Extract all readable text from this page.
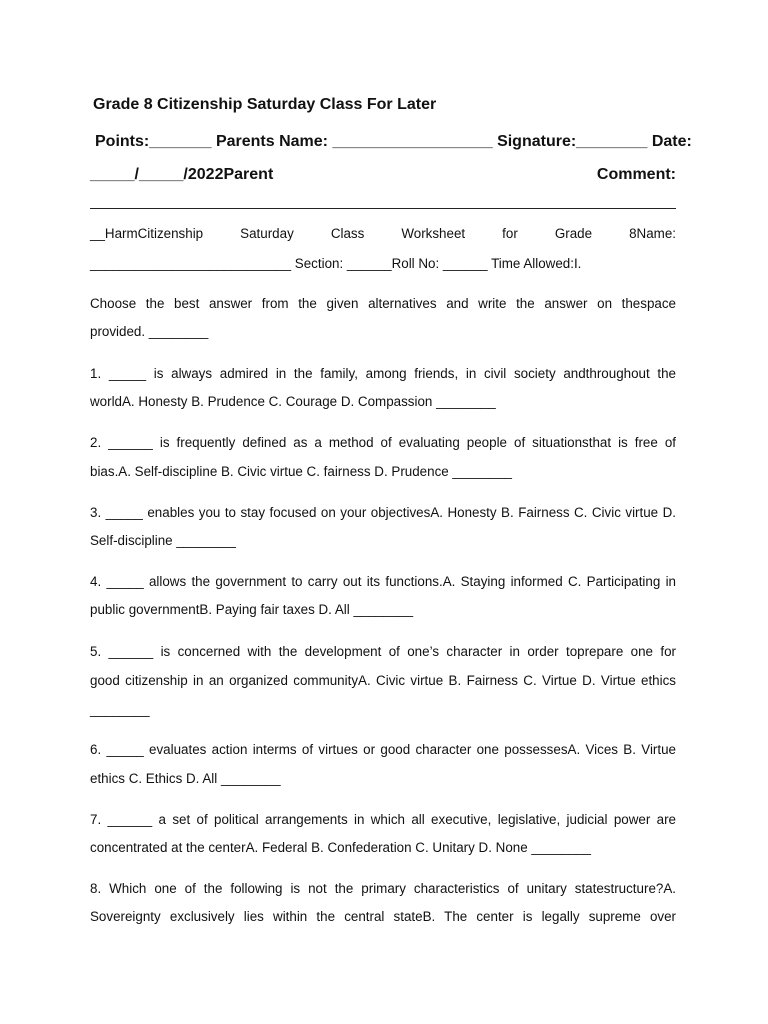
Grade 8 Citizenship Saturday Class For Later
Points:_______ Parents Name: __________________ Signature:________ Date:
_____/_____/2022Parent	Comment:
__HarmCitizenship Saturday Class Worksheet for Grade 8Name:
___________________________ Section: ______Roll No: ______ Time Allowed:I.
Choose the best answer from the given alternatives and write the answer on thespace
provided. ________
1. _____ is always admired in the family, among friends, in civil society andthroughout the
worldA. Honesty B. Prudence C. Courage D. Compassion ________
2. ______ is frequently defined as a method of evaluating people of situationsthat is free of
bias.A. Self-discipline B. Civic virtue C. fairness D. Prudence ________
3. _____ enables you to stay focused on your objectivesA. Honesty B. Fairness C. Civic virtue D.
Self-discipline ________
4. _____ allows the government to carry out its functions.A. Staying informed C. Participating in
public governmentB. Paying fair taxes D. All ________
5. ______ is concerned with the development of one’s character in order toprepare one for
good citizenship in an organized communityA. Civic virtue B. Fairness C. Virtue D. Virtue ethics
________
6. _____ evaluates action interms of virtues or good character one possessesA. Vices B. Virtue
ethics C. Ethics D. All ________
7. ______ a set of political arrangements in which all executive, legislative, judicial power are
concentrated at the centerA. Federal B. Confederation C. Unitary D. None ________
8. Which one of the following is not the primary characteristics of unitary statestructure?A.
Sovereignty exclusively lies within the central stateB. The center is legally supreme over
